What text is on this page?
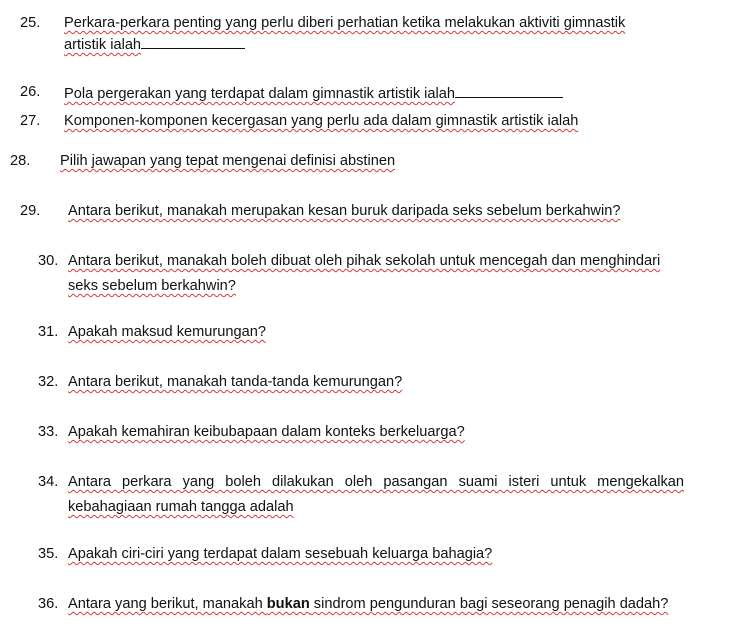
25. Perkara-perkara penting yang perlu diberi perhatian ketika melakukan aktiviti gimnastik
artistik ialah
26. Pola pergerakan yang terdapat dalam gimnastik artistik ialah
27. Komponen-komponen kecergasan yang perlu ada dalam gimnastik artistik ialah
28. Pilih jawapan yang tepat mengenai definisi abstinen
29. Antara berikut, manakah merupakan kesan buruk daripada seks sebelum berkahwin?
30. Antara berikut, manakah boleh dibuat oleh pihak sekolah untuk mencegah dan menghindari
seks sebelum berkahwin?
31. Apakah maksud kemurungan?
32. Antara berikut, manakah tanda-tanda kemurungan?
33. Apakah kemahiran keibubapaan dalam konteks berkeluarga?
34. Antara perkara yang boleh dilakukan oleh pasangan suami isteri untuk mengekalkan
kebahagiaan rumah tangga adalah
35. Apakah ciri-ciri yang terdapat dalam sesebuah keluarga bahagia?
36. Antara yang berikut, manakah bukan sindrom pengunduran bagi seseorang penagih dadah?
